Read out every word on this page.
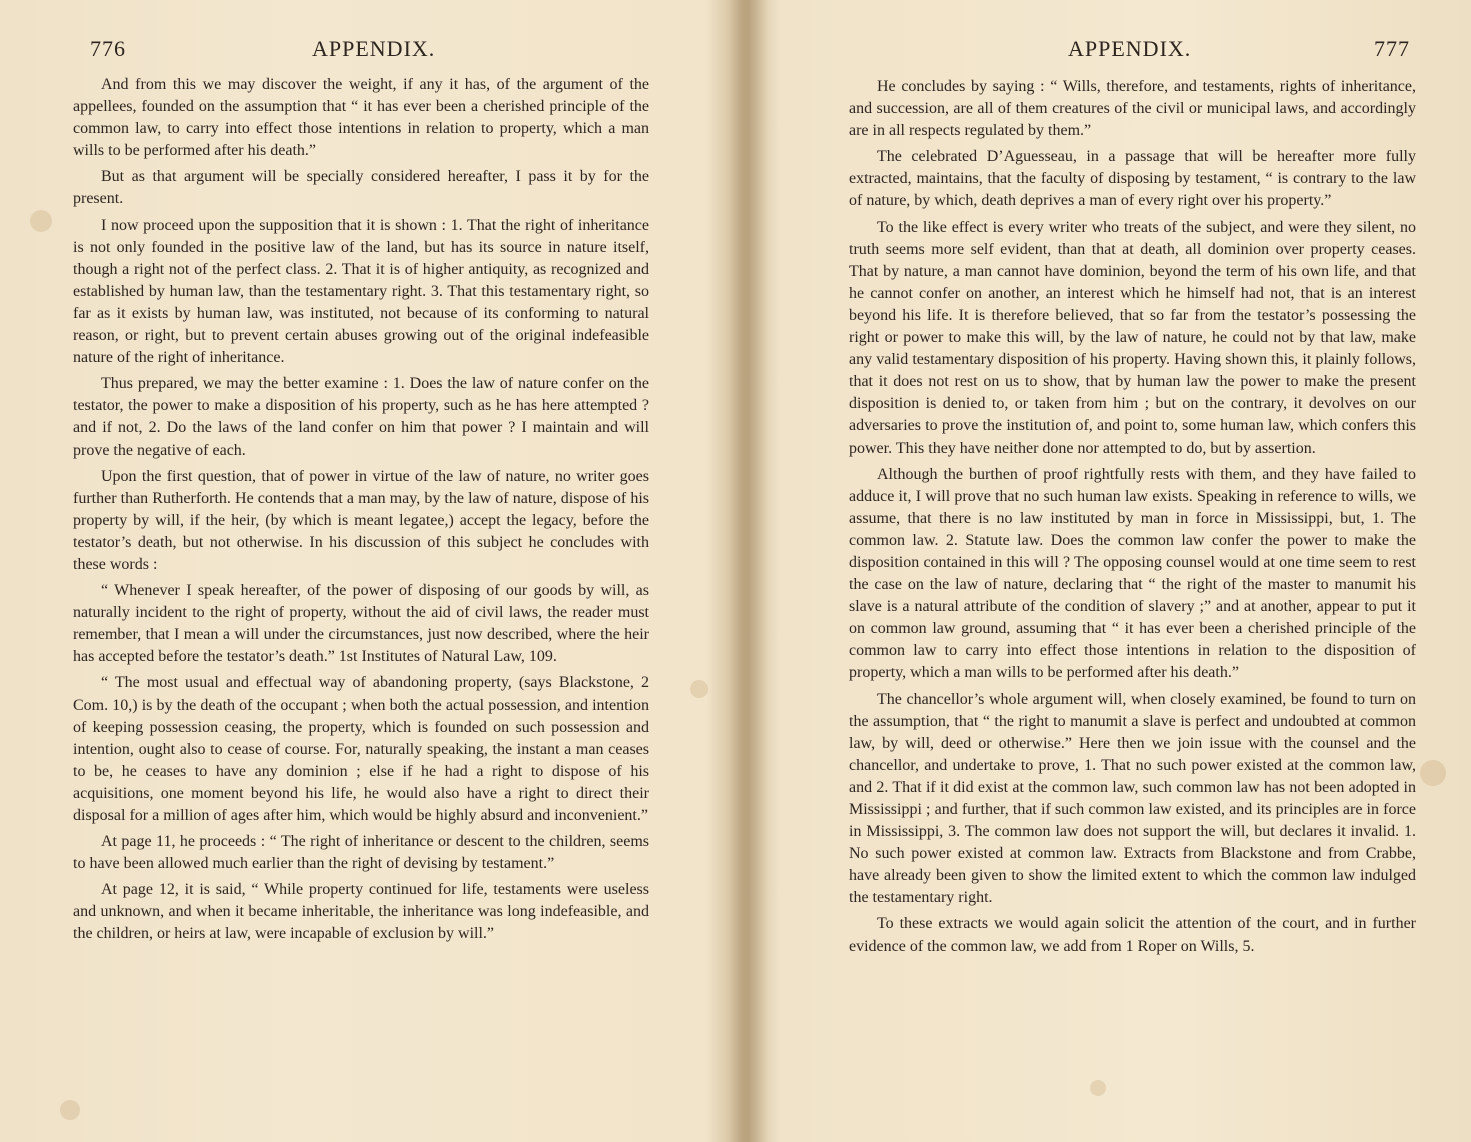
776	APPENDIX.

And from this we may discover the weight, if any it has, of the argument of the appellees, founded on the assumption that “ it has ever been a cherished principle of the common law, to carry into effect those intentions in relation to property, which a man wills to be performed after his death.”

But as that argument will be specially considered hereafter, I pass it by for the present.

I now proceed upon the supposition that it is shown : 1. That the right of inheritance is not only founded in the positive law of the land, but has its source in nature itself, though a right not of the perfect class. 2. That it is of higher antiquity, as recognized and established by human law, than the testamentary right. 3. That this testamentary right, so far as it exists by human law, was instituted, not because of its conforming to natural reason, or right, but to prevent certain abuses growing out of the original indefeasible nature of the right of inheritance.

Thus prepared, we may the better examine : 1. Does the law of nature confer on the testator, the power to make a disposition of his property, such as he has here attempted ? and if not, 2. Do the laws of the land confer on him that power ? I maintain and will prove the negative of each.

Upon the first question, that of power in virtue of the law of nature, no writer goes further than Rutherforth. He contends that a man may, by the law of nature, dispose of his property by will, if the heir, (by which is meant legatee,) accept the legacy, before the testator’s death, but not otherwise. In his discussion of this subject he concludes with these words :

“ Whenever I speak hereafter, of the power of disposing of our goods by will, as naturally incident to the right of property, without the aid of civil laws, the reader must remember, that I mean a will under the circumstances, just now described, where the heir has accepted before the testator’s death.” 1st Institutes of Natural Law, 109.

“ The most usual and effectual way of abandoning property, (says Blackstone, 2 Com. 10,) is by the death of the occupant ; when both the actual possession, and intention of keeping possession ceasing, the property, which is founded on such possession and intention, ought also to cease of course. For, naturally speaking, the instant a man ceases to be, he ceases to have any dominion ; else if he had a right to dispose of his acquisitions, one moment beyond his life, he would also have a right to direct their disposal for a million of ages after him, which would be highly absurd and inconvenient.”

At page 11, he proceeds : “ The right of inheritance or descent to the children, seems to have been allowed much earlier than the right of devising by testament.”

At page 12, it is said, “ While property continued for life, testaments were useless and unknown, and when it became inheritable, the inheritance was long indefeasible, and the children, or heirs at law, were incapable of exclusion by will.”

APPENDIX.	777

He concludes by saying : “ Wills, therefore, and testaments, rights of inheritance, and succession, are all of them creatures of the civil or municipal laws, and accordingly are in all respects regulated by them.”

The celebrated D’Aguesseau, in a passage that will be hereafter more fully extracted, maintains, that the faculty of disposing by testament, “ is contrary to the law of nature, by which, death deprives a man of every right over his property.”

To the like effect is every writer who treats of the subject, and were they silent, no truth seems more self evident, than that at death, all dominion over property ceases. That by nature, a man cannot have dominion, beyond the term of his own life, and that he cannot confer on another, an interest which he himself had not, that is an interest beyond his life. It is therefore believed, that so far from the testator’s possessing the right or power to make this will, by the law of nature, he could not by that law, make any valid testamentary disposition of his property. Having shown this, it plainly follows, that it does not rest on us to show, that by human law the power to make the present disposition is denied to, or taken from him ; but on the contrary, it devolves on our adversaries to prove the institution of, and point to, some human law, which confers this power. This they have neither done nor attempted to do, but by assertion.

Although the burthen of proof rightfully rests with them, and they have failed to adduce it, I will prove that no such human law exists. Speaking in reference to wills, we assume, that there is no law instituted by man in force in Mississippi, but, 1. The common law. 2. Statute law. Does the common law confer the power to make the disposition contained in this will ? The opposing counsel would at one time seem to rest the case on the law of nature, declaring that “ the right of the master to manumit his slave is a natural attribute of the condition of slavery ;” and at another, appear to put it on common law ground, assuming that “ it has ever been a cherished principle of the common law to carry into effect those intentions in relation to the disposition of property, which a man wills to be performed after his death.”

The chancellor’s whole argument will, when closely examined, be found to turn on the assumption, that “ the right to manumit a slave is perfect and undoubted at common law, by will, deed or otherwise.” Here then we join issue with the counsel and the chancellor, and undertake to prove, 1. That no such power existed at the common law, and 2. That if it did exist at the common law, such common law has not been adopted in Mississippi ; and further, that if such common law existed, and its principles are in force in Mississippi, 3. The common law does not support the will, but declares it invalid. 1. No such power existed at common law. Extracts from Blackstone and from Crabbe, have already been given to show the limited extent to which the common law indulged the testamentary right.

To these extracts we would again solicit the attention of the court, and in further evidence of the common law, we add from 1 Roper on Wills, 5.
